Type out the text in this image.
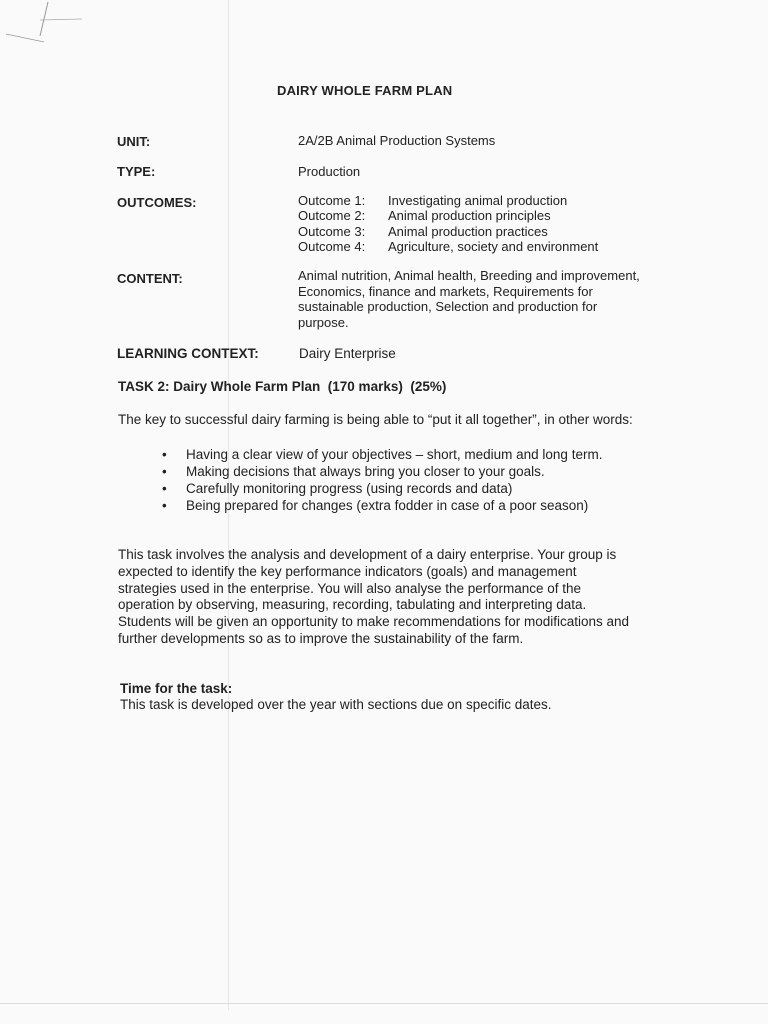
DAIRY WHOLE FARM PLAN
UNIT:	2A/2B Animal Production Systems
TYPE:	Production
OUTCOMES:	Outcome 1:	Investigating animal production
Outcome 2:	Animal production principles
Outcome 3:	Animal production practices
Outcome 4:	Agriculture, society and environment
CONTENT:	Animal nutrition, Animal health, Breeding and improvement, Economics, finance and markets, Requirements for sustainable production, Selection and production for purpose.
LEARNING CONTEXT:	Dairy Enterprise
TASK 2: Dairy Whole Farm Plan  (170 marks)  (25%)
The key to successful dairy farming is being able to “put it all together”, in other words:
• Having a clear view of your objectives – short, medium and long term.
• Making decisions that always bring you closer to your goals.
• Carefully monitoring progress (using records and data)
• Being prepared for changes (extra fodder in case of a poor season)
This task involves the analysis and development of a dairy enterprise. Your group is expected to identify the key performance indicators (goals) and management strategies used in the enterprise. You will also analyse the performance of the operation by observing, measuring, recording, tabulating and interpreting data. Students will be given an opportunity to make recommendations for modifications and further developments so as to improve the sustainability of the farm.
Time for the task:
This task is developed over the year with sections due on specific dates.
